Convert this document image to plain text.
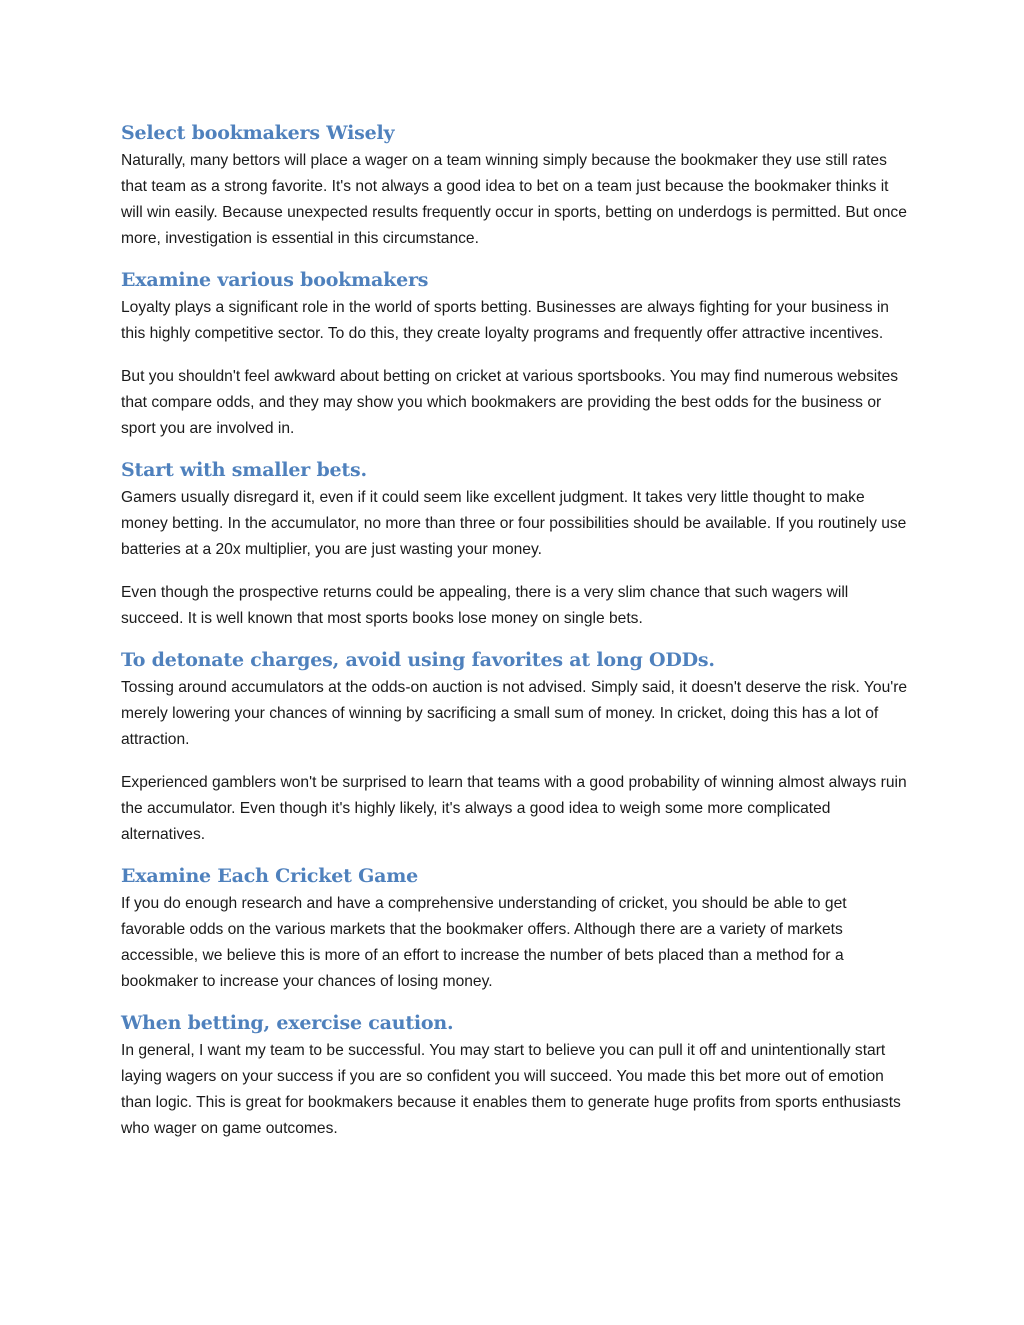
Select bookmakers Wisely

Naturally, many bettors will place a wager on a team winning simply because the bookmaker they use still rates that team as a strong favorite. It's not always a good idea to bet on a team just because the bookmaker thinks it will win easily. Because unexpected results frequently occur in sports, betting on underdogs is permitted. But once more, investigation is essential in this circumstance.

Examine various bookmakers

Loyalty plays a significant role in the world of sports betting. Businesses are always fighting for your business in this highly competitive sector. To do this, they create loyalty programs and frequently offer attractive incentives.

But you shouldn't feel awkward about betting on cricket at various sportsbooks. You may find numerous websites that compare odds, and they may show you which bookmakers are providing the best odds for the business or sport you are involved in.

Start with smaller bets.

Gamers usually disregard it, even if it could seem like excellent judgment. It takes very little thought to make money betting. In the accumulator, no more than three or four possibilities should be available. If you routinely use batteries at a 20x multiplier, you are just wasting your money.

Even though the prospective returns could be appealing, there is a very slim chance that such wagers will succeed. It is well known that most sports books lose money on single bets.

To detonate charges, avoid using favorites at long ODDs.

Tossing around accumulators at the odds-on auction is not advised. Simply said, it doesn't deserve the risk. You're merely lowering your chances of winning by sacrificing a small sum of money. In cricket, doing this has a lot of attraction.

Experienced gamblers won't be surprised to learn that teams with a good probability of winning almost always ruin the accumulator. Even though it's highly likely, it's always a good idea to weigh some more complicated alternatives.

Examine Each Cricket Game

If you do enough research and have a comprehensive understanding of cricket, you should be able to get favorable odds on the various markets that the bookmaker offers. Although there are a variety of markets accessible, we believe this is more of an effort to increase the number of bets placed than a method for a bookmaker to increase your chances of losing money.

When betting, exercise caution.

In general, I want my team to be successful. You may start to believe you can pull it off and unintentionally start laying wagers on your success if you are so confident you will succeed. You made this bet more out of emotion than logic. This is great for bookmakers because it enables them to generate huge profits from sports enthusiasts who wager on game outcomes.
